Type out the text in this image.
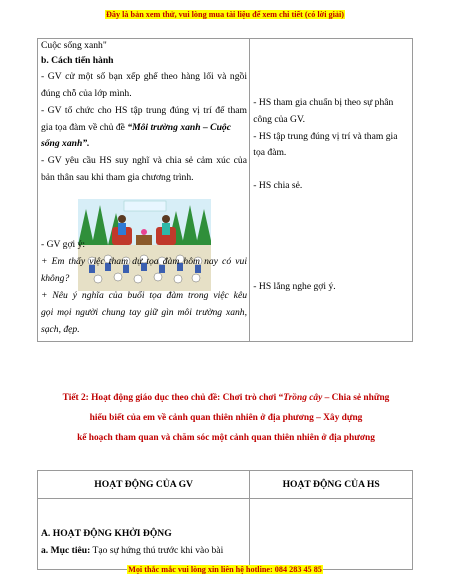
Đây là bản xem thử, vui lòng mua tài liệu để xem chi tiết (có lời giải)
Cuộc sống xanh"
b. Cách tiến hành
- GV cử một số bạn xếp ghế theo hàng lối và ngồi
đúng chỗ của lớp mình.
- GV tổ chức cho HS tập trung đúng vị trí để tham
gia tọa đàm về chủ đề “Môi trường xanh – Cuộc
sống xanh”.
- GV yêu cầu HS suy nghĩ và chia sẻ cảm xúc của
bản thân sau khi tham gia chương trình.
- GV gợi ý:
+ Em thấy việc tham dự tọa đàm hôm nay có vui
không?
+ Nêu ý nghĩa của buổi tọa đàm trong việc kêu
gọi mọi người chung tay giữ gìn môi trường xanh,
sạch, đẹp.

- HS tham gia chuẩn bị theo sự phân
công của GV.
- HS tập trung đúng vị trí và tham gia
tọa đàm.
- HS chia sẻ.
- HS lắng nghe gợi ý.
Tiết 2: Hoạt động giáo dục theo chủ đề: Chơi trò chơi “Trồng cây – Chia sẻ những
hiểu biết của em về cảnh quan thiên nhiên ở địa phương – Xây dựng
kế hoạch tham quan và chăm sóc một cảnh quan thiên nhiên ở địa phương
HOẠT ĐỘNG CỦA GV	HOẠT ĐỘNG CỦA HS

A. HOẠT ĐỘNG KHỞI ĐỘNG
a. Mục tiêu: Tạo sự hứng thú trước khi vào bài	

Mọi thắc mắc vui lòng xin liên hệ hotline: 084 283 45 85
